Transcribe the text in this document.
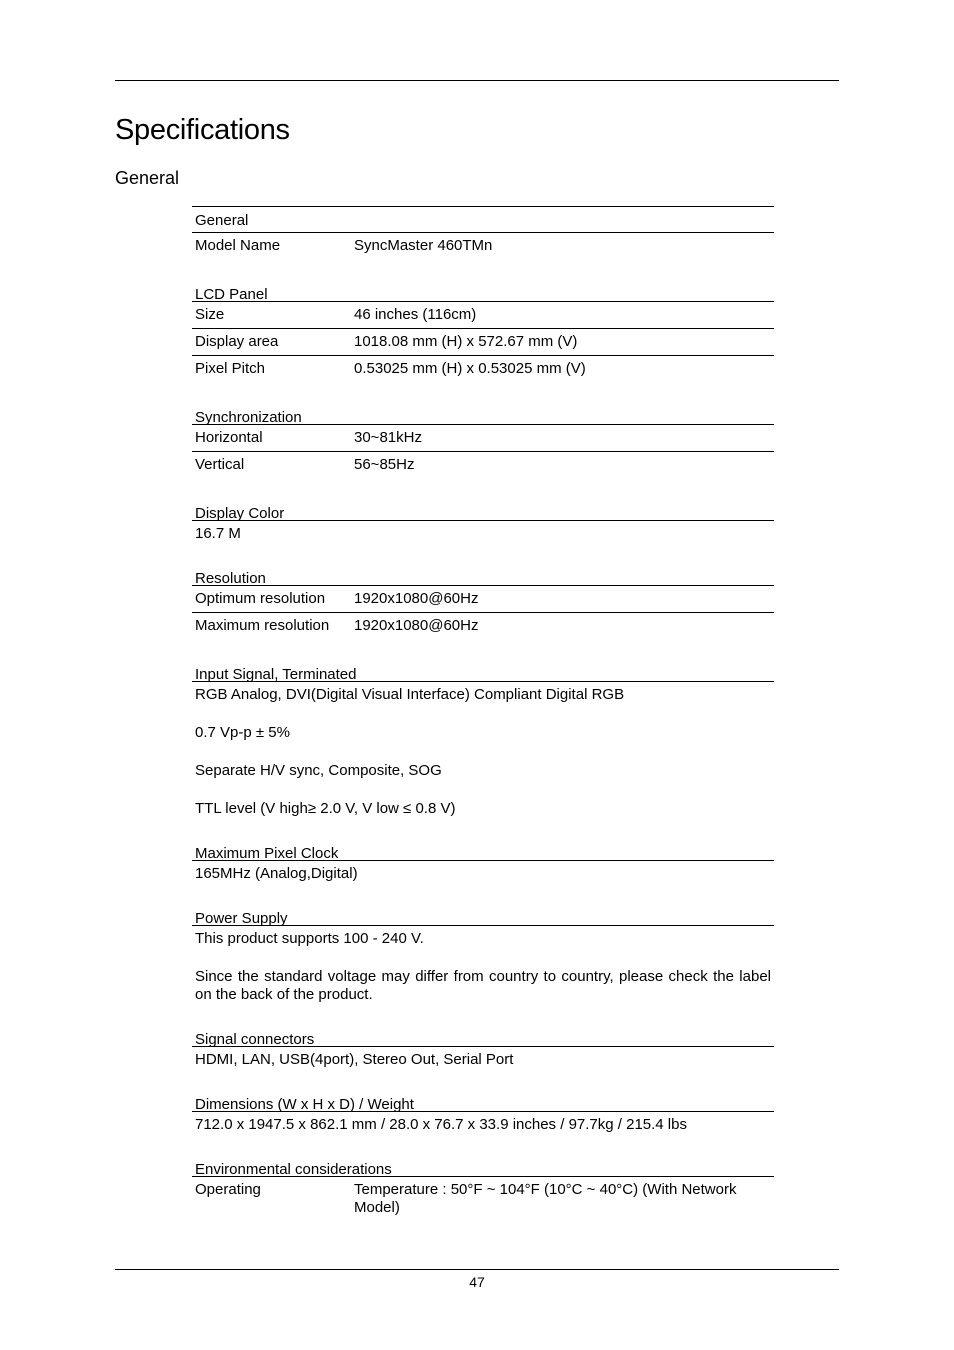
Specifications
General
General
Model Name	SyncMaster 460TMn
LCD Panel
Size	46 inches (116cm)
Display area	1018.08 mm (H) x 572.67 mm (V)
Pixel Pitch	0.53025 mm (H) x 0.53025 mm (V)
Synchronization
Horizontal	30~81kHz
Vertical	56~85Hz
Display Color
16.7 M
Resolution
Optimum resolution	1920x1080@60Hz
Maximum resolution	1920x1080@60Hz
Input Signal, Terminated
RGB Analog, DVI(Digital Visual Interface) Compliant Digital RGB
0.7 Vp-p ± 5%
Separate H/V sync, Composite, SOG
TTL level (V high≥ 2.0 V, V low ≤ 0.8 V)
Maximum Pixel Clock
165MHz (Analog,Digital)
Power Supply
This product supports 100 - 240 V.
Since the standard voltage may differ from country to country, please check the label on the back of the product.
Signal connectors
HDMI, LAN, USB(4port), Stereo Out, Serial Port
Dimensions (W x H x D) / Weight
712.0 x 1947.5 x 862.1 mm / 28.0 x 76.7 x 33.9 inches / 97.7kg / 215.4 lbs
Environmental considerations
Operating	Temperature : 50°F ~ 104°F (10°C ~ 40°C) (With Network Model)
47
